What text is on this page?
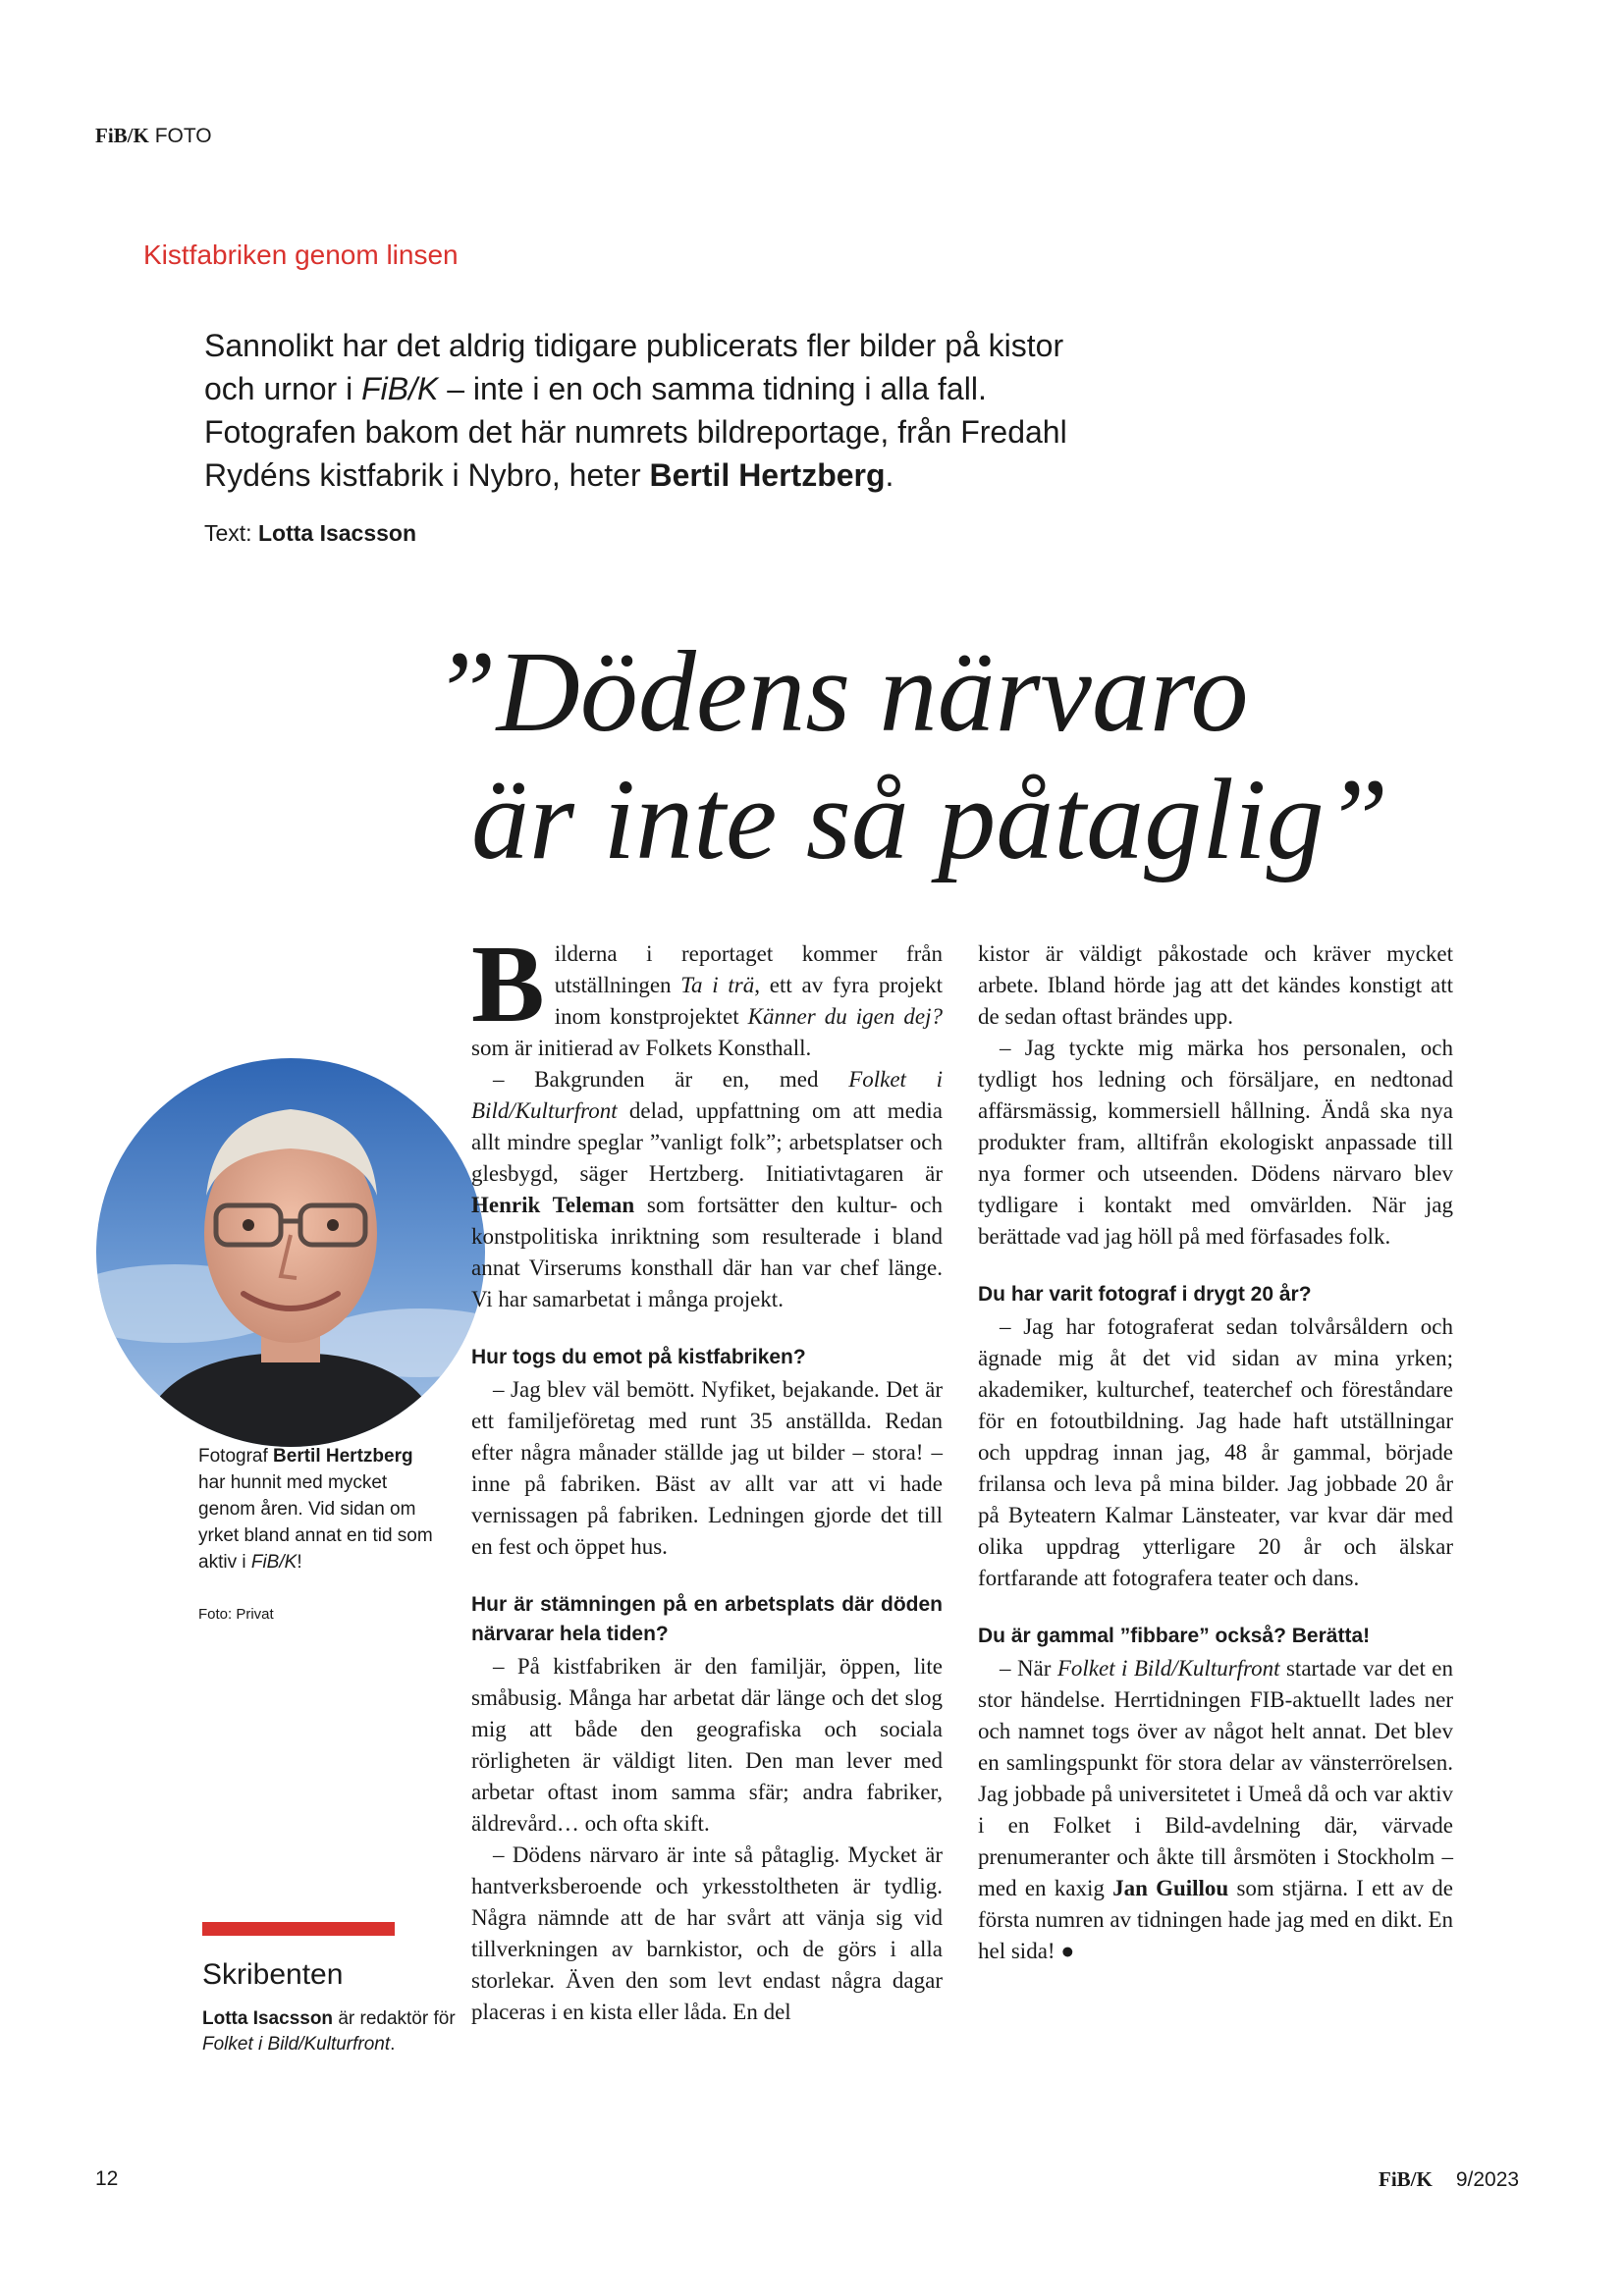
FiB/K FOTO
Kistfabriken genom linsen
Sannolikt har det aldrig tidigare publicerats fler bilder på kistor och urnor i FiB/K – inte i en och samma tidning i alla fall. Fotografen bakom det här numrets bildreportage, från Fredahl Rydéns kistfabrik i Nybro, heter Bertil Hertzberg.
Text: Lotta Isacsson
”Dödens närvaro
är inte så påtaglig”
Fotograf Bertil Hertzberg har hunnit med mycket genom åren. Vid sidan om yrket bland annat en tid som aktiv i FiB/K!
Foto: Privat

Bilderna i reportaget kommer från utställningen Ta i trä, ett av fyra projekt inom konstprojektet Känner du igen dej? som är initierad av Folkets Konsthall.

– Bakgrunden är en, med Folket i Bild/Kulturfront delad, uppfattning om att media allt mindre speglar ”vanligt folk”; arbetsplatser och glesbygd, säger Hertzberg. Initiativtagaren är Henrik Teleman som fortsätter den kultur- och konstpolitiska inriktning som resulterade i bland annat Virserums konsthall där han var chef länge. Vi har samarbetat i många projekt.

Hur togs du emot på kistfabriken?

– Jag blev väl bemött. Nyfiket, bejakande. Det är ett familjeföretag med runt 35 anställda. Redan efter några månader ställde jag ut bilder – stora! – inne på fabriken. Bäst av allt var att vi hade vernissagen på fabriken. Ledningen gjorde det till en fest och öppet hus.

Hur är stämningen på en arbetsplats där döden närvarar hela tiden?

– På kistfabriken är den familjär, öppen, lite småbusig. Många har arbetat där länge och det slog mig att både den geografiska och sociala rörligheten är väldigt liten. Den man lever med arbetar oftast inom samma sfär; andra fabriker, äldrevård… och ofta skift.

– Dödens närvaro är inte så påtaglig. Mycket är hantverksberoende och yrkesstoltheten är tydlig. Några nämnde att de har svårt att vänja sig vid tillverkningen av barnkistor, och de görs i alla storlekar. Även den som levt endast några dagar placeras i en kista eller låda. En del

kistor är väldigt påkostade och kräver mycket arbete. Ibland hörde jag att det kändes konstigt att de sedan oftast brändes upp.

– Jag tyckte mig märka hos personalen, och tydligt hos ledning och försäljare, en nedtonad affärsmässig, kommersiell hållning. Ändå ska nya produkter fram, alltifrån ekologiskt anpassade till nya former och utseenden. Dödens närvaro blev tydligare i kontakt med omvärlden. När jag berättade vad jag höll på med förfasades folk.

Du har varit fotograf i drygt 20 år?

– Jag har fotograferat sedan tolvårsåldern och ägnade mig åt det vid sidan av mina yrken; akademiker, kulturchef, teaterchef och föreståndare för en fotoutbildning. Jag hade haft utställningar och uppdrag innan jag, 48 år gammal, började frilansa och leva på mina bilder. Jag jobbade 20 år på Byteatern Kalmar Länsteater, var kvar där med olika uppdrag ytterligare 20 år och älskar fortfarande att fotografera teater och dans.

Du är gammal ”fibbare” också? Berätta!

– När Folket i Bild/Kulturfront startade var det en stor händelse. Herrtidningen FIB-aktuellt lades ner och namnet togs över av något helt annat. Det blev en samlingspunkt för stora delar av vänsterrörelsen. Jag jobbade på universitetet i Umeå då och var aktiv i en Folket i Bild-avdelning där, värvade prenumeranter och åkte till årsmöten i Stockholm – med en kaxig Jan Guillou som stjärna. I ett av de första numren av tidningen hade jag med en dikt. En hel sida! ●

Skribenten
Lotta Isacsson är redaktör för Folket i Bild/Kulturfront.
12	FiB/K 9/2023
